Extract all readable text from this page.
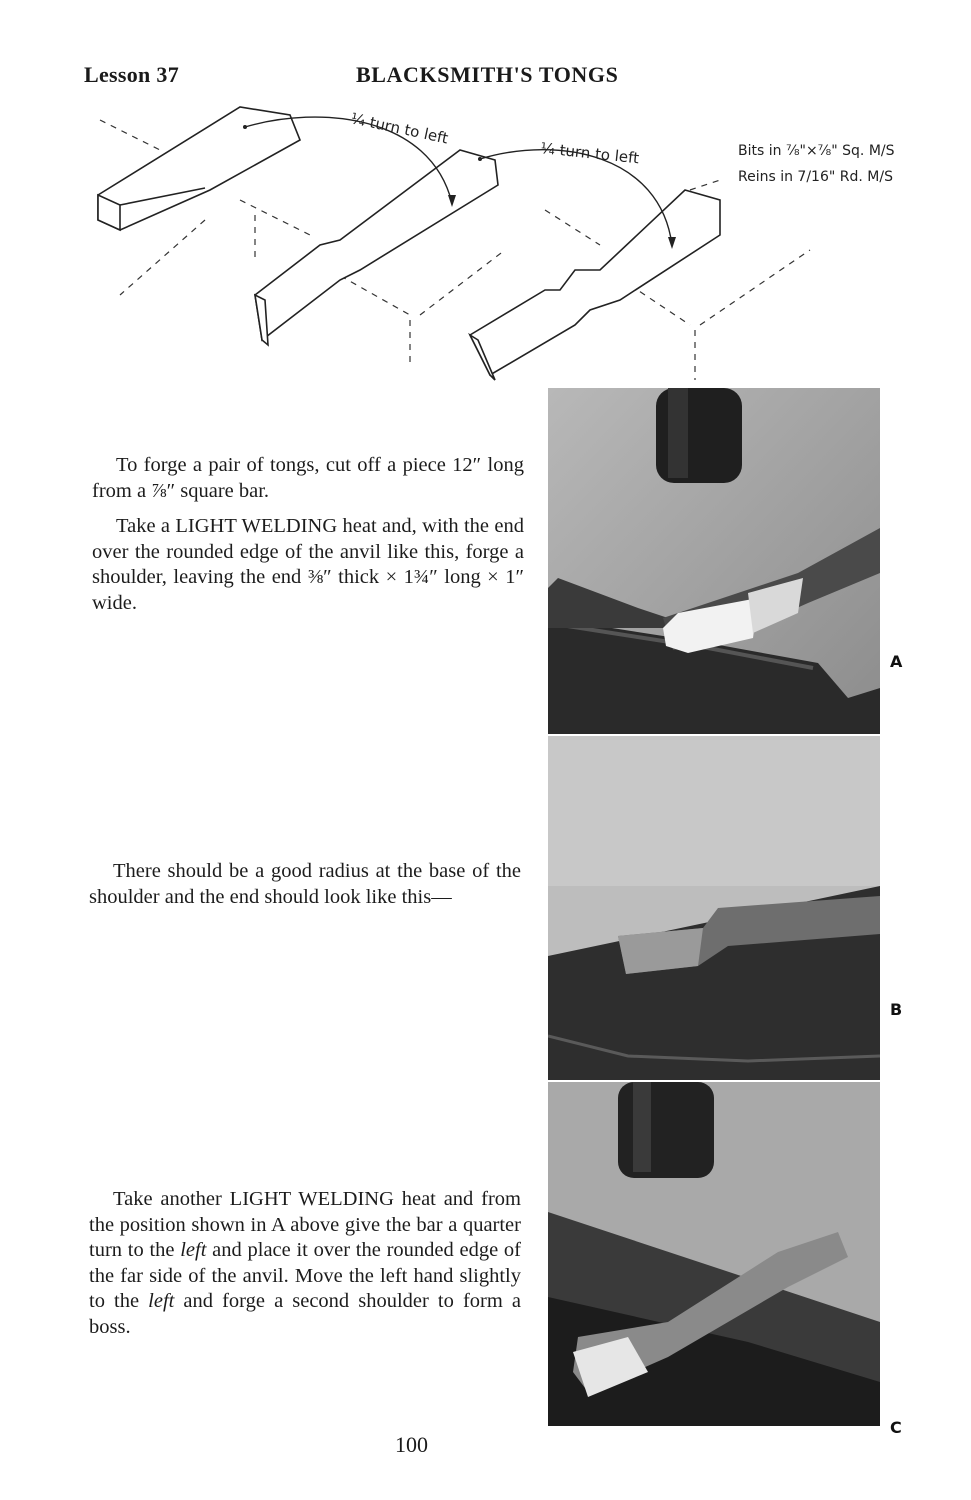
Lesson 37	BLACKSMITH'S TONGS
¼ turn to left
¼ turn to left	Bits in ⅞"×⅞" Sq. M/S
Reins in 7/16" Rd. M/S

To forge a pair of tongs, cut off a piece 12″ long from a ⅞″ square bar.

Take a LIGHT WELDING heat and, with the end over the rounded edge of the anvil like this, forge a shoulder, leaving the end ⅜″ thick × 1¾″ long × 1″ wide.

There should be a good radius at the base of the shoulder and the end should look like this—

Take another LIGHT WELDING heat and from the position shown in A above give the bar a quarter turn to the left and place it over the rounded edge of the far side of the anvil. Move the left hand slightly to the left and forge a second shoulder to form a boss.

A
B
C
100
